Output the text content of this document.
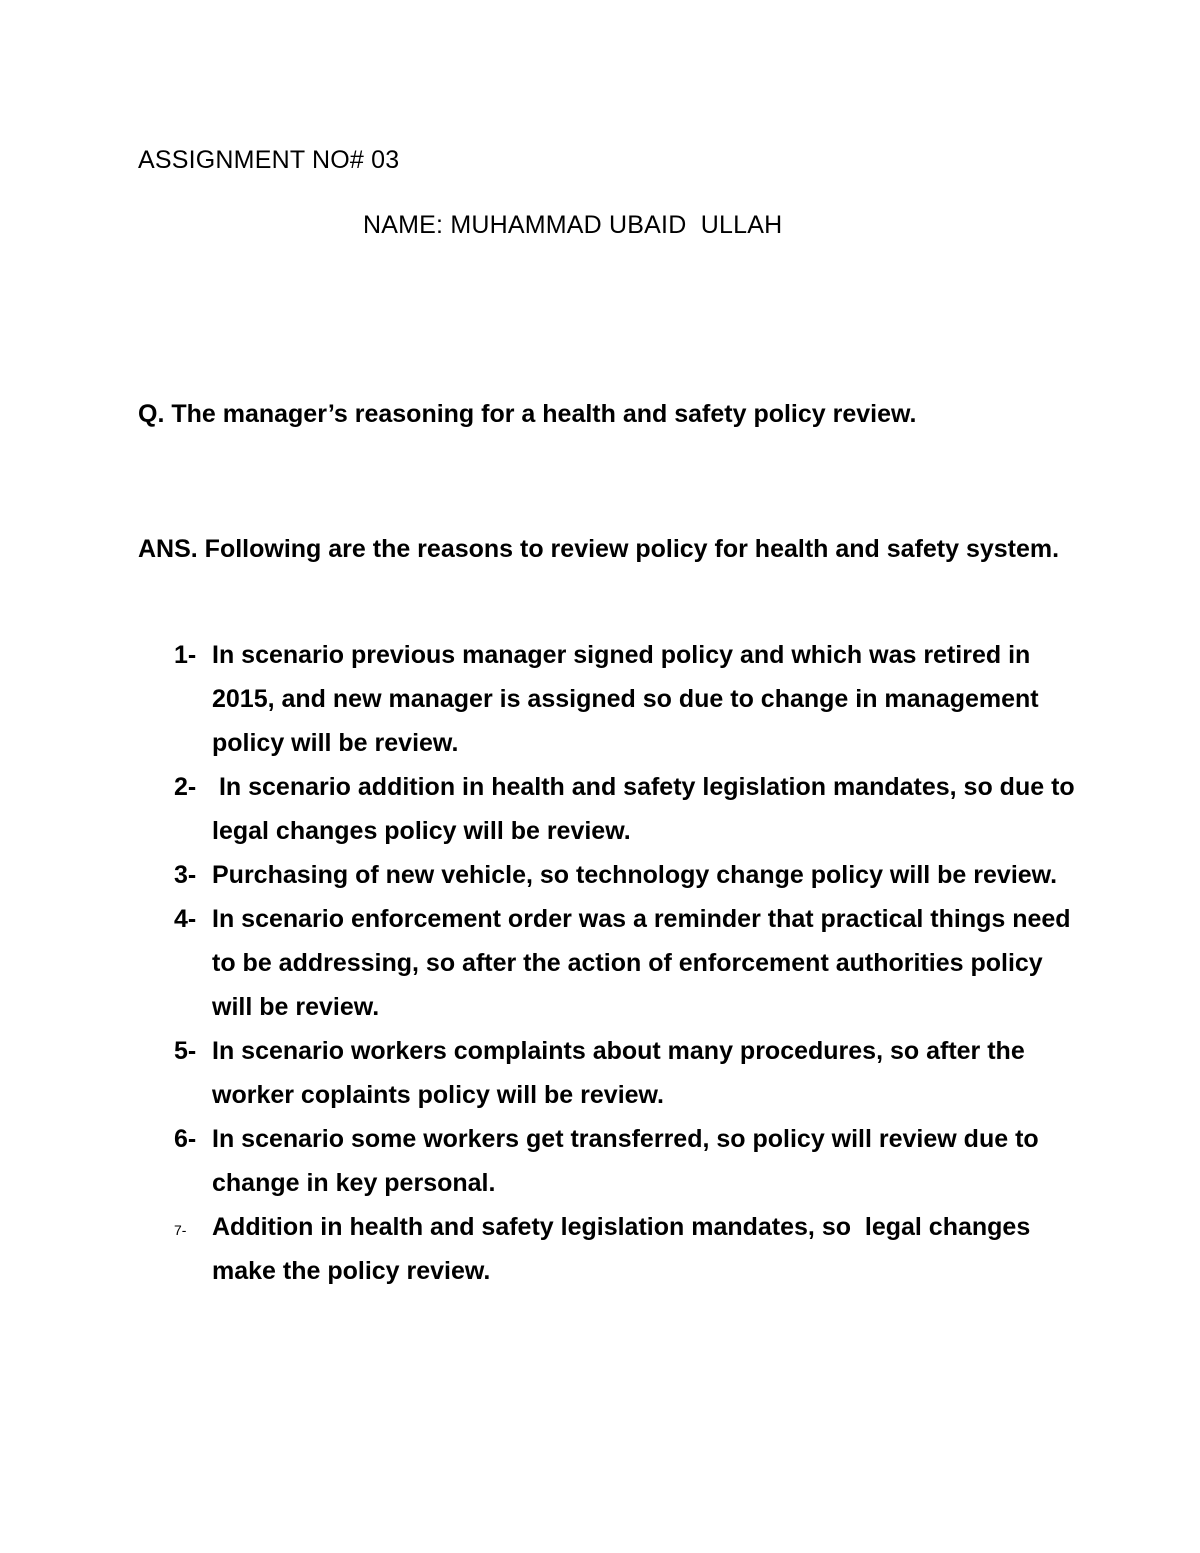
ASSIGNMENT NO# 03
NAME: MUHAMMAD UBAID  ULLAH
Q. The manager’s reasoning for a health and safety policy review.
ANS. Following are the reasons to review policy for health and safety system.
1- In scenario previous manager signed policy and which was retired in 2015, and new manager is assigned so due to change in management policy will be review.
2- In scenario addition in health and safety legislation mandates, so due to legal changes policy will be review.
3- Purchasing of new vehicle, so technology change policy will be review.
4- In scenario enforcement order was a reminder that practical things need to be addressing, so after the action of enforcement authorities policy will be review.
5- In scenario workers complaints about many procedures, so after the worker coplaints policy will be review.
6- In scenario some workers get transferred, so policy will review due to change in key personal.
7- Addition in health and safety legislation mandates, so  legal changes make the policy review.
